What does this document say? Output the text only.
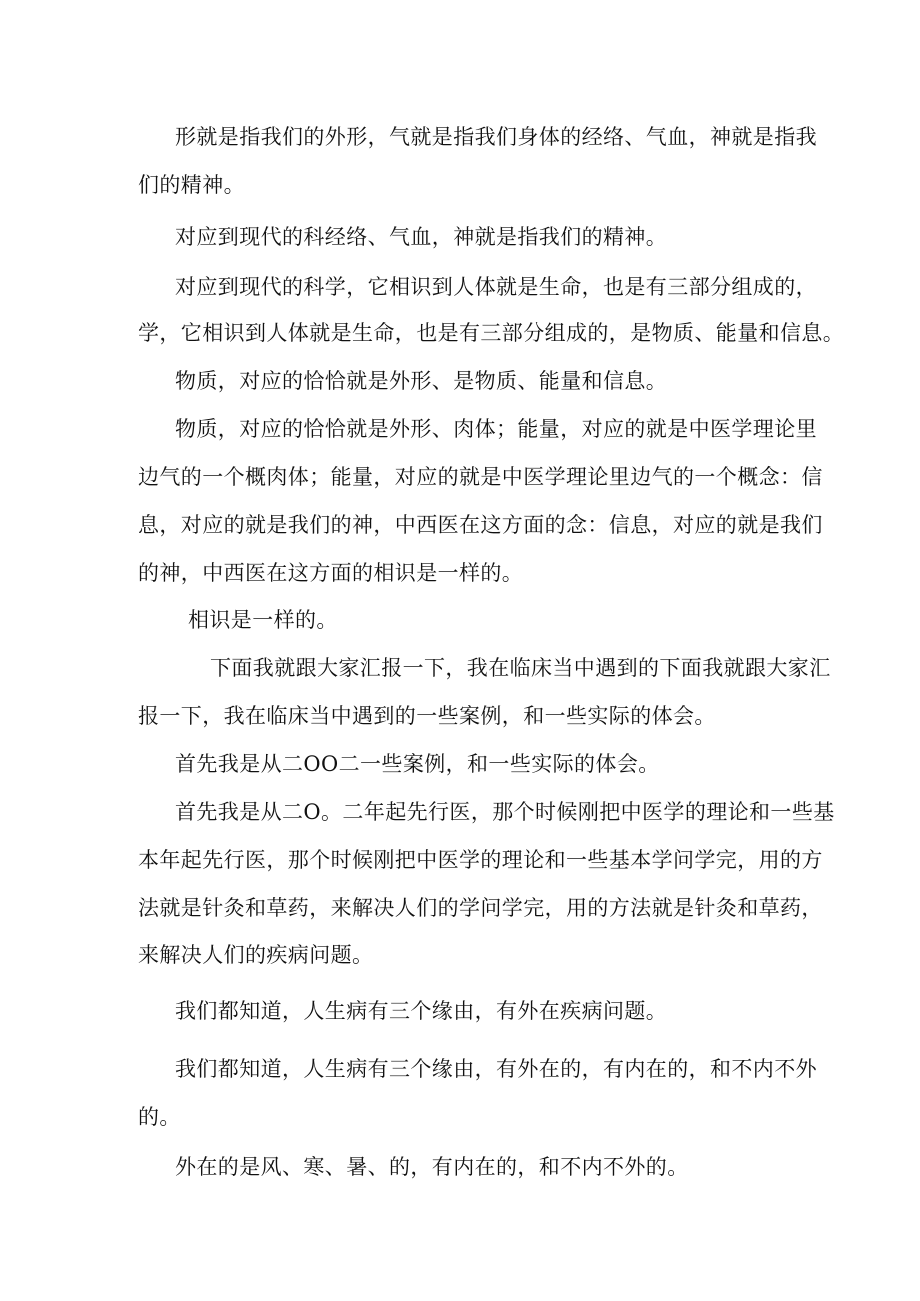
形就是指我们的外形，气就是指我们身体的经络、气血，神就是指我
们的精神。
对应到现代的科经络、气血，神就是指我们的精神。
对应到现代的科学，它相识到人体就是生命，也是有三部分组成的，
学，它相识到人体就是生命，也是有三部分组成的，是物质、能量和信息。
物质，对应的恰恰就是外形、是物质、能量和信息。
物质，对应的恰恰就是外形、肉体；能量，对应的就是中医学理论里
边气的一个概肉体；能量，对应的就是中医学理论里边气的一个概念：信
息，对应的就是我们的神，中西医在这方面的念：信息，对应的就是我们
的神，中西医在这方面的相识是一样的。
相识是一样的。
下面我就跟大家汇报一下，我在临床当中遇到的下面我就跟大家汇
报一下，我在临床当中遇到的一些案例，和一些实际的体会。
首先我是从二OO二一些案例，和一些实际的体会。
首先我是从二O。二年起先行医，那个时候刚把中医学的理论和一些基
本年起先行医，那个时候刚把中医学的理论和一些基本学问学完，用的方
法就是针灸和草药，来解决人们的学问学完，用的方法就是针灸和草药，
来解决人们的疾病问题。
我们都知道，人生病有三个缘由，有外在疾病问题。
我们都知道，人生病有三个缘由，有外在的，有内在的，和不内不外
的。
外在的是风、寒、暑、的，有内在的，和不内不外的。
